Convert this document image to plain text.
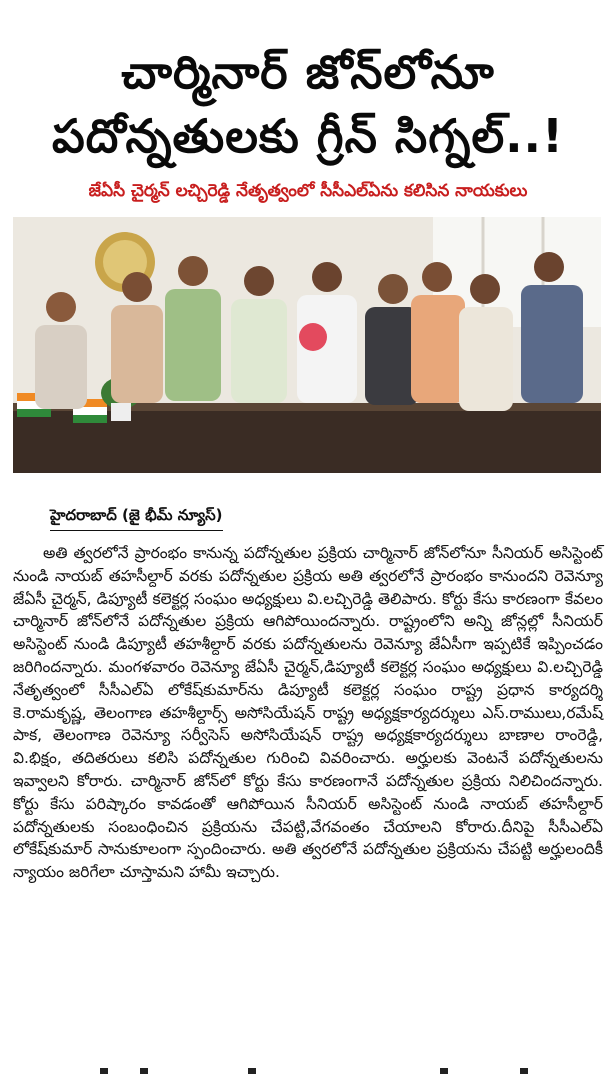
చార్మినార్ జోన్‌లోనూ
పదోన్నతులకు గ్రీన్ సిగ్నల్..!
జేఏసీ చైర్మన్ లచ్చిరెడ్డి నేతృత్వంలో సీసీఎల్ఏను కలిసిన నాయకులు
హైదరాబాద్ (జై భీమ్ న్యూస్)

అతి త్వరలోనే ప్రారంభం కానున్న పదోన్నతుల ప్రక్రియ చార్మినార్ జోన్‌లోనూ సీనియర్ అసిస్టెంట్ నుండి నాయబ్ తహసీల్దార్ వరకు పదోన్నతుల ప్రక్రియ అతి త్వరలోనే ప్రారంభం కానుందని రెవెన్యూ జేఏసీ చైర్మన్, డిప్యూటీ కలెక్టర్ల సంఘం అధ్యక్షులు వి.లచ్చిరెడ్డి తెలిపారు. కోర్టు కేసు కారణంగా కేవలం చార్మినార్ జోన్‌లోనే పదోన్నతుల ప్రక్రియ ఆగిపోయిందన్నారు. రాష్ట్రంలోని అన్ని జోన్లల్లో సీనియర్ అసిస్టెంట్ నుండి డిప్యూటీ తహశీల్దార్ వరకు పదోన్నతులను రెవెన్యూ జేఏసీగా ఇప్పటికే ఇప్పించడం జరిగిందన్నారు. మంగళవారం రెవెన్యూ జేఏసీ చైర్మన్,డిప్యూటీ కలెక్టర్ల సంఘం అధ్యక్షులు వి.లచ్చిరెడ్డి నేతృత్వంలో సీసీఎల్ఏ లోకేష్‌కుమార్‌ను డిప్యూటీ కలెక్టర్ల సంఘం రాష్ట్ర ప్రధాన కార్యదర్శి కె.రామకృష్ణ, తెలంగాణ తహశీల్దార్స్ అసోసియేషన్ రాష్ట్ర అధ్యక్షకార్యదర్శులు ఎస్.రాములు,రమేష్ పాక, తెలంగాణ రెవెన్యూ సర్వీసెస్ అసోసియేషన్ రాష్ట్ర అధ్యక్షకార్యదర్శులు బాణాల రాంరెడ్డి, వి.భిక్షం, తదితరులు కలిసి పదోన్నతుల గురించి వివరించారు. అర్హులకు వెంటనే పదోన్నతులను ఇవ్వాలని కోరారు. చార్మినార్ జోన్‌లో కోర్టు కేసు కారణంగానే పదోన్నతుల ప్రక్రియ నిలిచిందన్నారు. కోర్టు కేసు పరిష్కారం కావడంతో ఆగిపోయిన సీనియర్ అసిస్టెంట్ నుండి నాయబ్ తహసీల్దార్ పదోన్నతులకు సంబంధించిన ప్రక్రియను చేపట్టి,వేగవంతం చేయాలని కోరారు.దీనిపై సీసీఎల్ఏ లోకేష్‌కుమార్ సానుకూలంగా స్పందించారు. అతి త్వరలోనే పదోన్నతుల ప్రక్రియను చేపట్టి అర్హులందికీ న్యాయం జరిగేలా చూస్తామని హామీ ఇచ్చారు.
